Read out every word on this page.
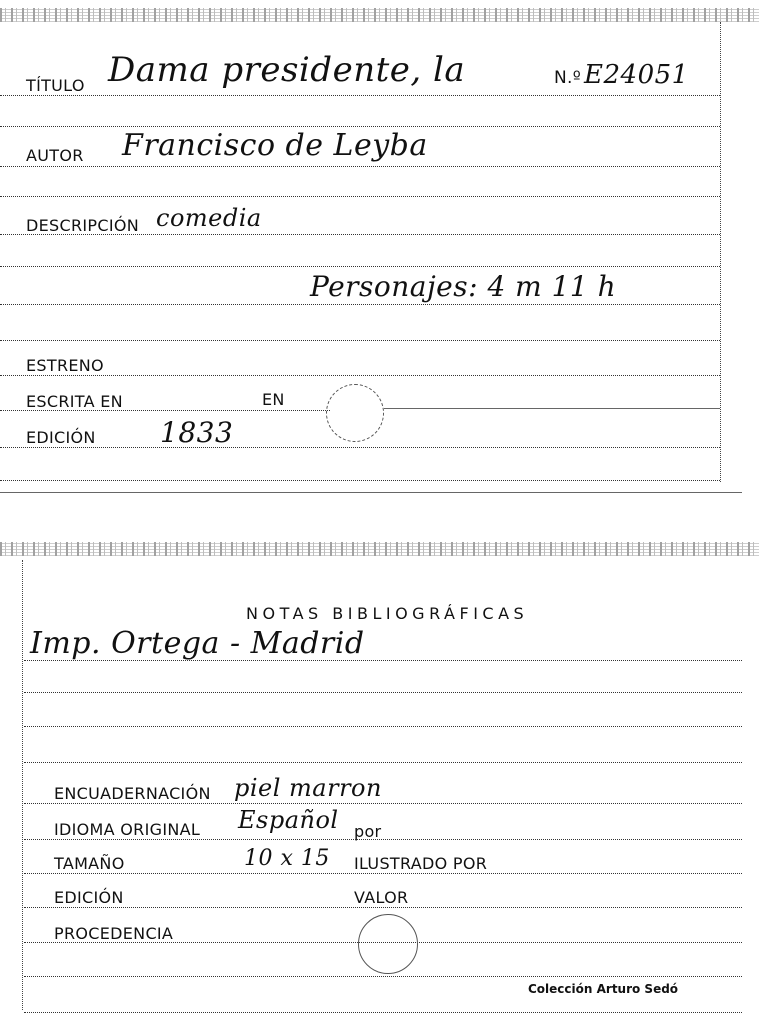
TÍTULO Dama presidente, la	N.º E24051
AUTOR Francisco de Leyba
DESCRIPCIÓN comedia
Personajes: 4 m 11 h
ESTRENO
ESCRITA EN	EN
EDICIÓN 1833
NOTAS BIBLIOGRÁFICAS
Imp. Ortega - Madrid
ENCUADERNACIÓN piel marron
IDIOMA ORIGINAL Español por
TAMAÑO	10 x 15 ILUSTRADO POR
EDICIÓN	VALOR
PROCEDENCIA
Colección Arturo Sedó
